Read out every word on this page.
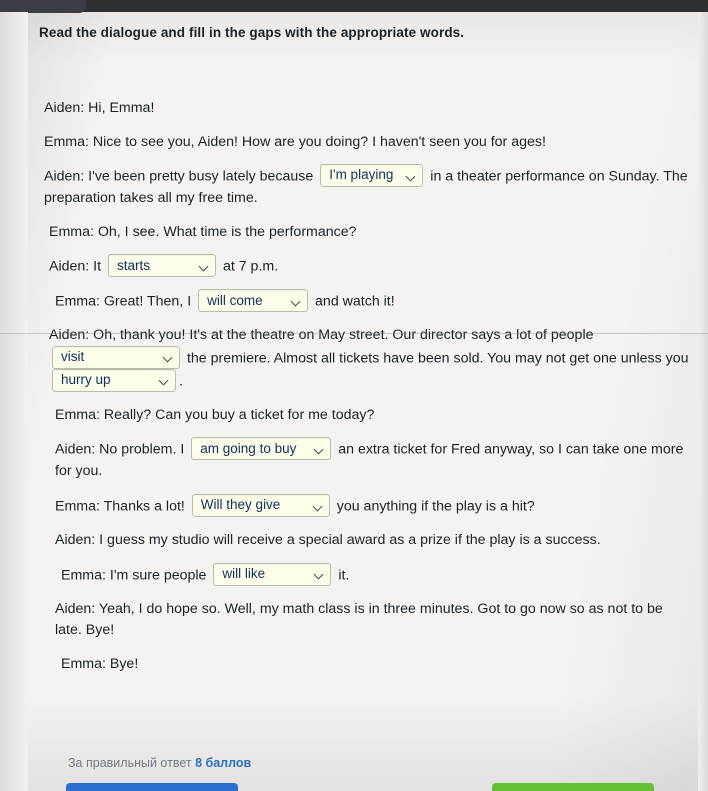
Read the dialogue and fill in the gaps with the appropriate words.
Aiden: Hi, Emma!
Emma: Nice to see you, Aiden! How are you doing? I haven't seen you for ages!
Aiden: I've been pretty busy lately because I'm playing	in a theater performance on Sunday. The preparation takes all my free time.
Emma: Oh, I see. What time is the performance?
Aiden: It starts	at 7 p.m.
Emma: Great! Then, I will come	and watch it!
Aiden: Oh, thank you! It's at the theatre on May street. Our director says a lot of people
visit	the premiere. Almost all tickets have been sold. You may not get one unless you
hurry up	.
Emma: Really? Can you buy a ticket for me today?
Aiden: No problem. I am going to buy	an extra ticket for Fred anyway, so I can take one more for you.
Emma: Thanks a lot! Will they give	you anything if the play is a hit?
Aiden: I guess my studio will receive a special award as a prize if the play is a success.
Emma: I'm sure people will like	it.
Aiden: Yeah, I do hope so. Well, my math class is in three minutes. Got to go now so as not to be late. Bye!
Emma: Bye!
За правильный ответ 8 баллов
